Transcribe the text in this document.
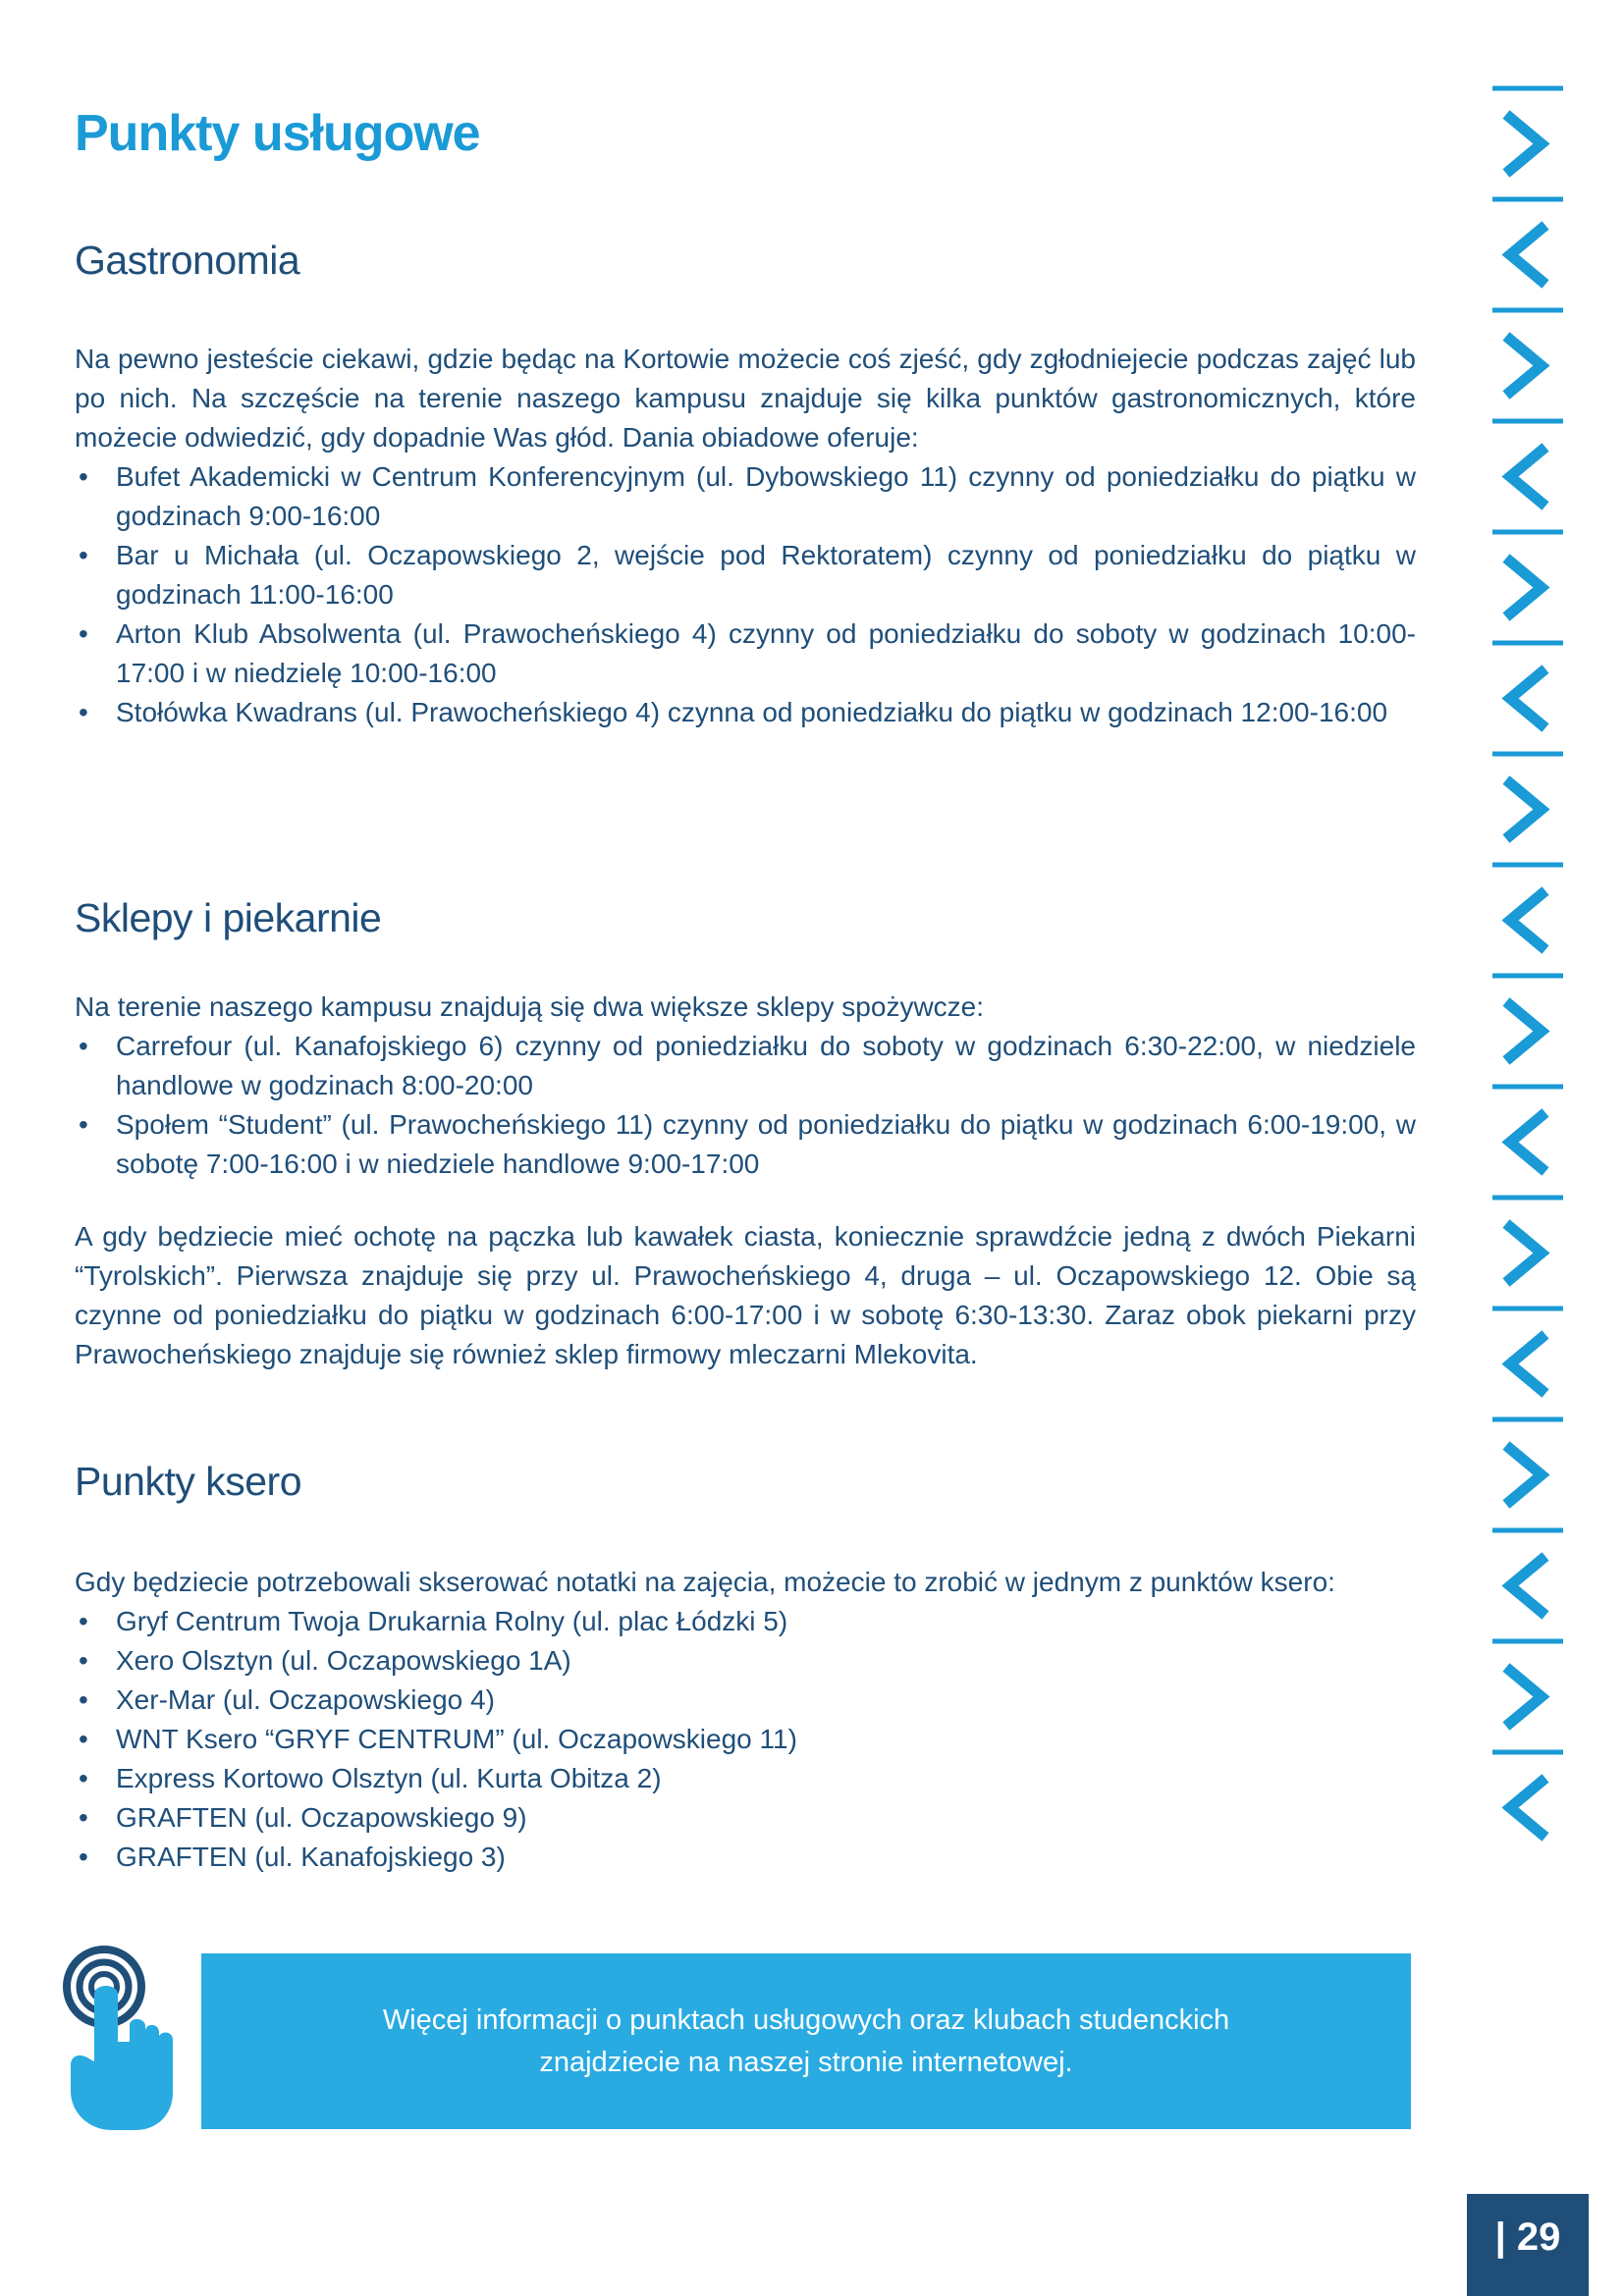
Punkty usługowe
Gastronomia

Na pewno jesteście ciekawi, gdzie będąc na Kortowie możecie coś zjeść, gdy zgłodniejecie podczas zajęć lub po nich. Na szczęście na terenie naszego kampusu znajduje się kilka punktów gastronomicznych, które możecie odwiedzić, gdy dopadnie Was głód. Dania obiadowe oferuje:

• Bufet Akademicki w Centrum Konferencyjnym (ul. Dybowskiego 11) czynny od poniedziałku do piątku w godzinach 9:00-16:00
• Bar u Michała (ul. Oczapowskiego 2, wejście pod Rektoratem) czynny od poniedziałku do piątku w godzinach 11:00-16:00
• Arton Klub Absolwenta (ul. Prawocheńskiego 4) czynny od poniedziałku do soboty w godzinach 10:00-17:00 i w niedzielę 10:00-16:00
• Stołówka Kwadrans (ul. Prawocheńskiego 4) czynna od poniedziałku do piątku w godzinach 12:00-16:00
Sklepy i piekarnie

Na terenie naszego kampusu znajdują się dwa większe sklepy spożywcze:

• Carrefour (ul. Kanafojskiego 6) czynny od poniedziałku do soboty w godzinach 6:30-22:00, w niedziele handlowe w godzinach 8:00-20:00
• Społem “Student” (ul. Prawocheńskiego 11) czynny od poniedziałku do piątku w godzinach 6:00-19:00, w sobotę 7:00-16:00 i w niedziele handlowe 9:00-17:00

A gdy będziecie mieć ochotę na pączka lub kawałek ciasta, koniecznie sprawdźcie jedną z dwóch Piekarni “Tyrolskich”. Pierwsza znajduje się przy ul. Prawocheńskiego 4, druga – ul. Oczapowskiego 12. Obie są czynne od poniedziałku do piątku w godzinach 6:00-17:00 i w sobotę 6:30-13:30. Zaraz obok piekarni przy Prawocheńskiego znajduje się również sklep firmowy mleczarni Mlekovita.

Punkty ksero

Gdy będziecie potrzebowali skserować notatki na zajęcia, możecie to zrobić w jednym z punktów ksero:

• Gryf Centrum Twoja Drukarnia Rolny (ul. plac Łódzki 5)
• Xero Olsztyn (ul. Oczapowskiego 1A)
• Xer-Mar (ul. Oczapowskiego 4)
• WNT Ksero “GRYF CENTRUM” (ul. Oczapowskiego 11)
• Express Kortowo Olsztyn (ul. Kurta Obitza 2)
• GRAFTEN (ul. Oczapowskiego 9)
• GRAFTEN (ul. Kanafojskiego 3)
Więcej informacji o punktach usługowych oraz klubach studenckich
znajdziecie na naszej stronie internetowej.
| 29
